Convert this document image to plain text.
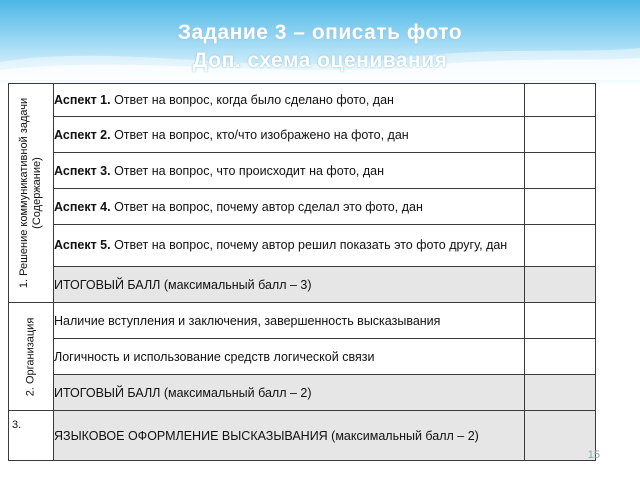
Задание 3 – описать фото
Доп. схема оценивания
1. Решение коммуникативной задачи (Содержание)	Аспект 1. Ответ на вопрос, когда было сделано фото, дан	
	Аспект 2. Ответ на вопрос, кто/что изображено на фото, дан	
	Аспект 3. Ответ на вопрос, что происходит на фото, дан	
	Аспект 4. Ответ на вопрос, почему автор сделал это фото, дан	
	Аспект 5. Ответ на вопрос, почему автор решил показать это фото другу, дан	
	ИТОГОВЫЙ БАЛЛ (максимальный балл – 3)	

2. Организация	Наличие вступления и заключения, завершенность высказывания	
	Логичность и использование средств логической связи	
	ИТОГОВЫЙ БАЛЛ (максимальный балл – 2)	

3.	ЯЗЫКОВОЕ ОФОРМЛЕНИЕ ВЫСКАЗЫВАНИЯ (максимальный балл – 2)	
15
